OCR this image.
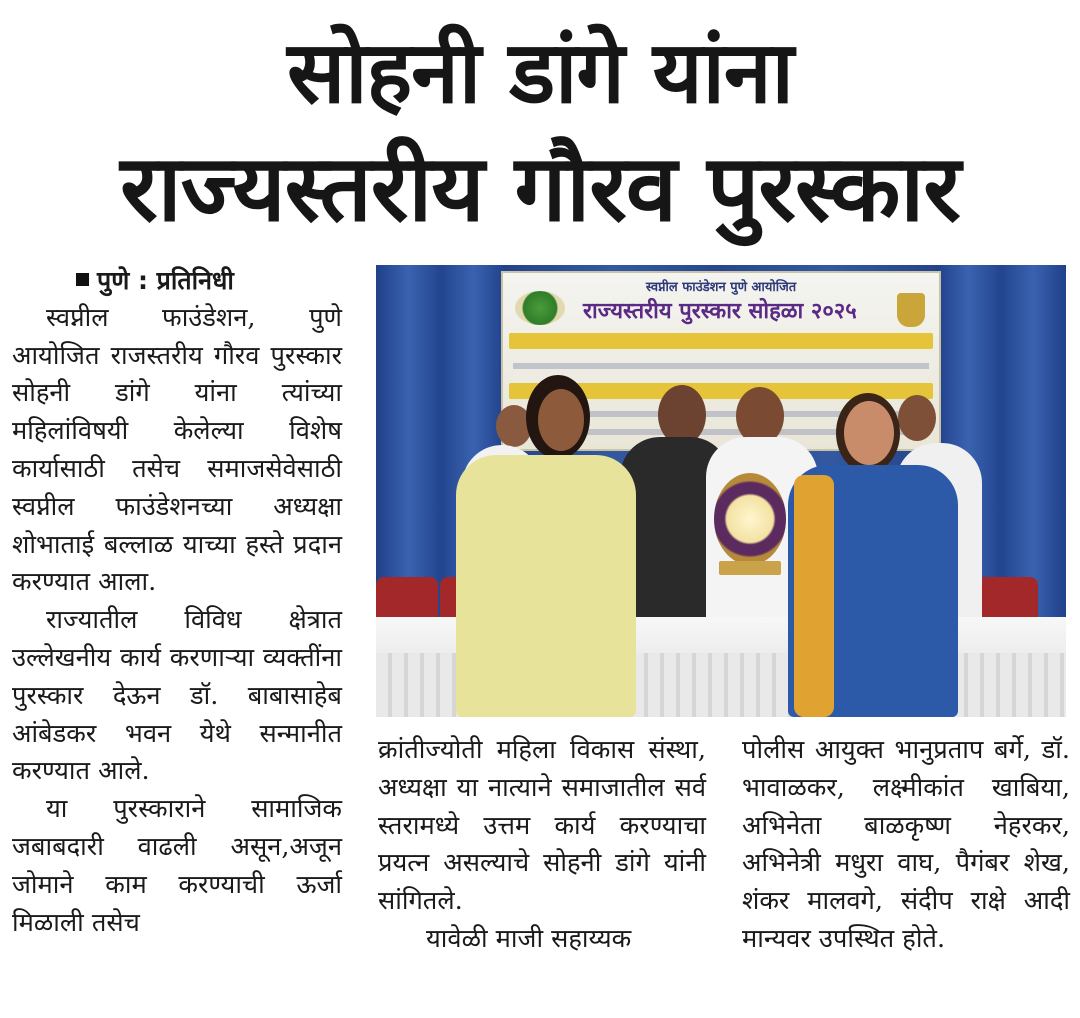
सोहनी डांगे यांना
राज्यस्तरीय गौरव पुरस्कार
पुणे : प्रतिनिधी

स्वप्नील फाउंडेशन, पुणे आयोजित राजस्तरीय गौरव पुरस्कार सोहनी डांगे यांना त्यांच्या महिलांविषयी केलेल्या विशेष कार्यासाठी तसेच समाजसेवेसाठी स्वप्नील फाउंडेशनच्या अध्यक्षा शोभाताई बल्लाळ याच्या हस्ते प्रदान करण्यात आला.

राज्यातील विविध क्षेत्रात उल्लेखनीय कार्य करणाऱ्या व्यक्तींना पुरस्कार देऊन डॉ. बाबासाहेब आंबेडकर भवन येथे सन्मानीत करण्यात आले.

या पुरस्काराने सामाजिक जबाबदारी वाढली असून,अजून जोमाने काम करण्याची ऊर्जा मिळाली तसेच

स्वप्नील फाउंडेशन पुणे आयोजित
राज्यस्तरीय पुरस्कार सोहळा २०२५

क्रांतीज्योती महिला विकास संस्था, अध्यक्षा या नात्याने समाजातील सर्व स्तरामध्ये उत्तम कार्य करण्याचा प्रयत्न असल्याचे सोहनी डांगे यांनी सांगितले.

यावेळी माजी सहाय्यक

पोलीस आयुक्त भानुप्रताप बर्गे, डॉ. भावाळकर, लक्ष्मीकांत खाबिया, अभिनेता बाळकृष्ण नेहरकर, अभिनेत्री मधुरा वाघ, पैगंबर शेख, शंकर मालवगे, संदीप राक्षे आदी मान्यवर उपस्थित होते.
